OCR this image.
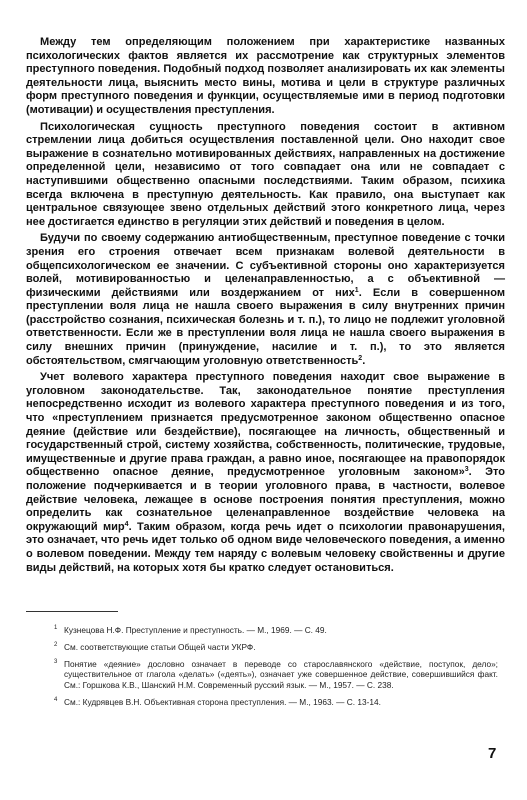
Между тем определяющим положением при характеристике названных психологических фактов является их рассмотрение как структурных элементов преступного поведения. Подобный подход позволяет анализировать их как элементы деятельности лица, выяснить место вины, мотива и цели в структуре различных форм преступного поведения и функции, осуществляемые ими в период подготовки (мотивации) и осуществления преступления.

Психологическая сущность преступного поведения состоит в активном стремлении лица добиться осуществления поставленной цели. Оно находит свое выражение в сознательно мотивированных действиях, направленных на достижение определенной цели, независимо от того совпадает она или не совпадает с наступившими общественно опасными последствиями. Таким образом, психика всегда включена в преступную деятельность. Как правило, она выступает как центральное связующее звено отдельных действий этого конкретного лица, через нее достигается единство в регуляции этих действий и поведения в целом.

Будучи по своему содержанию антиобщественным, преступное поведение с точки зрения его строения отвечает всем признакам волевой деятельности в общепсихологическом ее значении. С субъективной стороны оно характеризуется волей, мотивированностью и целенаправленностью, а с объективной — физическими действиями или воздержанием от них$^1$. Если в совершенном преступлении воля лица не нашла своего выражения в силу внутренних причин (расстройство сознания, психическая болезнь и т. п.), то лицо не подлежит уголовной ответственности. Если же в преступлении воля лица не нашла своего выражения в силу внешних причин (принуждение, насилие и т. п.), то это является обстоятельством, смягчающим уголовную ответственность$^2$.

Учет волевого характера преступного поведения находит свое выражение в уголовном законодательстве. Так, законодательное понятие преступления непосредственно исходит из волевого характера преступного поведения и из того, что «преступлением признается предусмотренное законом общественно опасное деяние (действие или бездействие), посягающее на личность, общественный и государственный строй, систему хозяйства, собственность, политические, трудовые, имущественные и другие права граждан, а равно иное, посягающее на правопорядок общественно опасное деяние, предусмотренное уголовным законом»$^3$. Это положение подчеркивается и в теории уголовного права, в частности, волевое действие человека, лежащее в основе построения понятия преступления, можно определить как сознательное целенаправленное воздействие человека на окружающий мир$^4$. Таким образом, когда речь идет о психологии правонарушения, это означает, что речь идет только об одном виде человеческого поведения, а именно о волевом поведении. Между тем наряду с волевым человеку свойственны и другие виды действий, на которых хотя бы кратко следует остановиться.

1 Кузнецова Н.Ф. Преступление и преступность. — М., 1969. — С. 49.
2 См. соответствующие статьи Общей части УКРФ.
3 Понятие «деяние» дословно означает в переводе со старославянского «действие, поступок, дело»; существительное от глагола «делать» («деять»), означает уже совершенное действие, совершившийся факт. См.: Горшкова К.В., Шанский Н.М. Современный русский язык. — М., 1957. — С. 238.
4 См.: Кудрявцев В.Н. Объективная сторона преступления. — М., 1963. — С. 13-14.
7
